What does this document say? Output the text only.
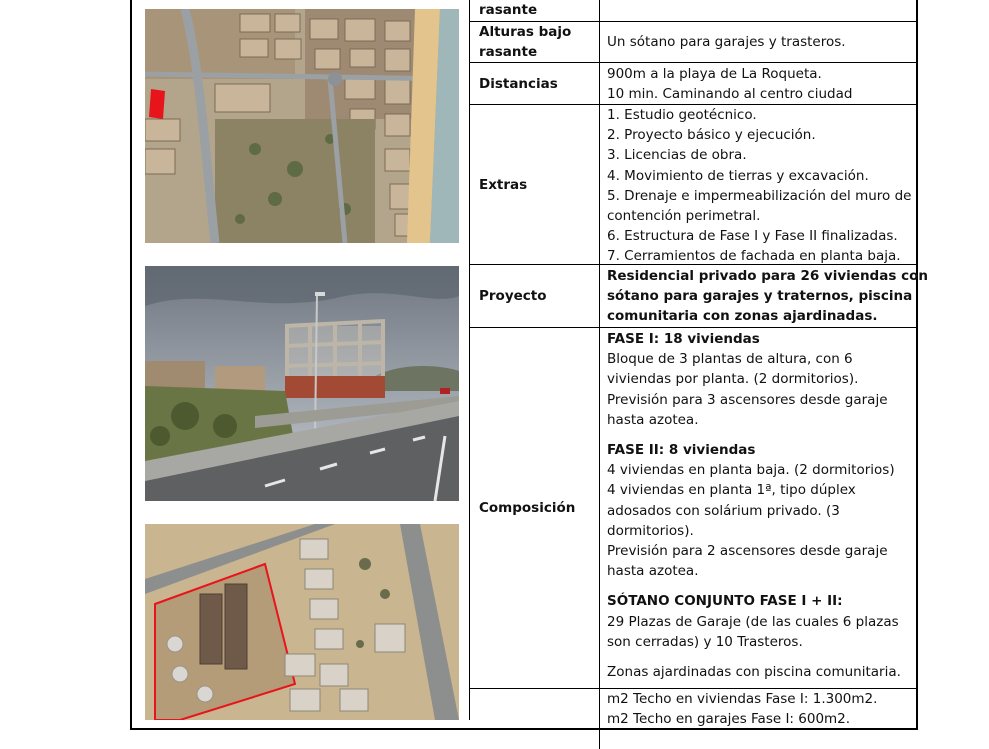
rasante
Alturas bajo
rasante
Un sótano para garajes y trasteros.
Distancias
900m a la playa de La Roqueta.
10 min. Caminando al centro ciudad
Extras
1. Estudio geotécnico.
2. Proyecto básico y ejecución.
3. Licencias de obra.
4. Movimiento de tierras y excavación.
5. Drenaje e impermeabilización del muro de
contención perimetral.
6. Estructura de Fase I y Fase II finalizadas.
7. Cerramientos de fachada en planta baja.
Proyecto
Residencial privado para 26 viviendas con
sótano para garajes y traternos, piscina
comunitaria con zonas ajardinadas.
Composición
FASE I: 18 viviendas
Bloque de 3 plantas de altura, con 6
viviendas por planta. (2 dormitorios).
Previsión para 3 ascensores desde garaje
hasta azotea.
FASE II: 8 viviendas
4 viviendas en planta baja. (2 dormitorios)
4 viviendas en planta 1ª, tipo dúplex
adosados con solárium privado. (3
dormitorios).
Previsión para 2 ascensores desde garaje
hasta azotea.
SÓTANO CONJUNTO FASE I + II:
29 Plazas de Garaje (de las cuales 6 plazas
son cerradas) y 10 Trasteros.
Zonas ajardinadas con piscina comunitaria.
m2 Techo en viviendas Fase I: 1.300m2.
m2 Techo en garajes Fase I: 600m2.
